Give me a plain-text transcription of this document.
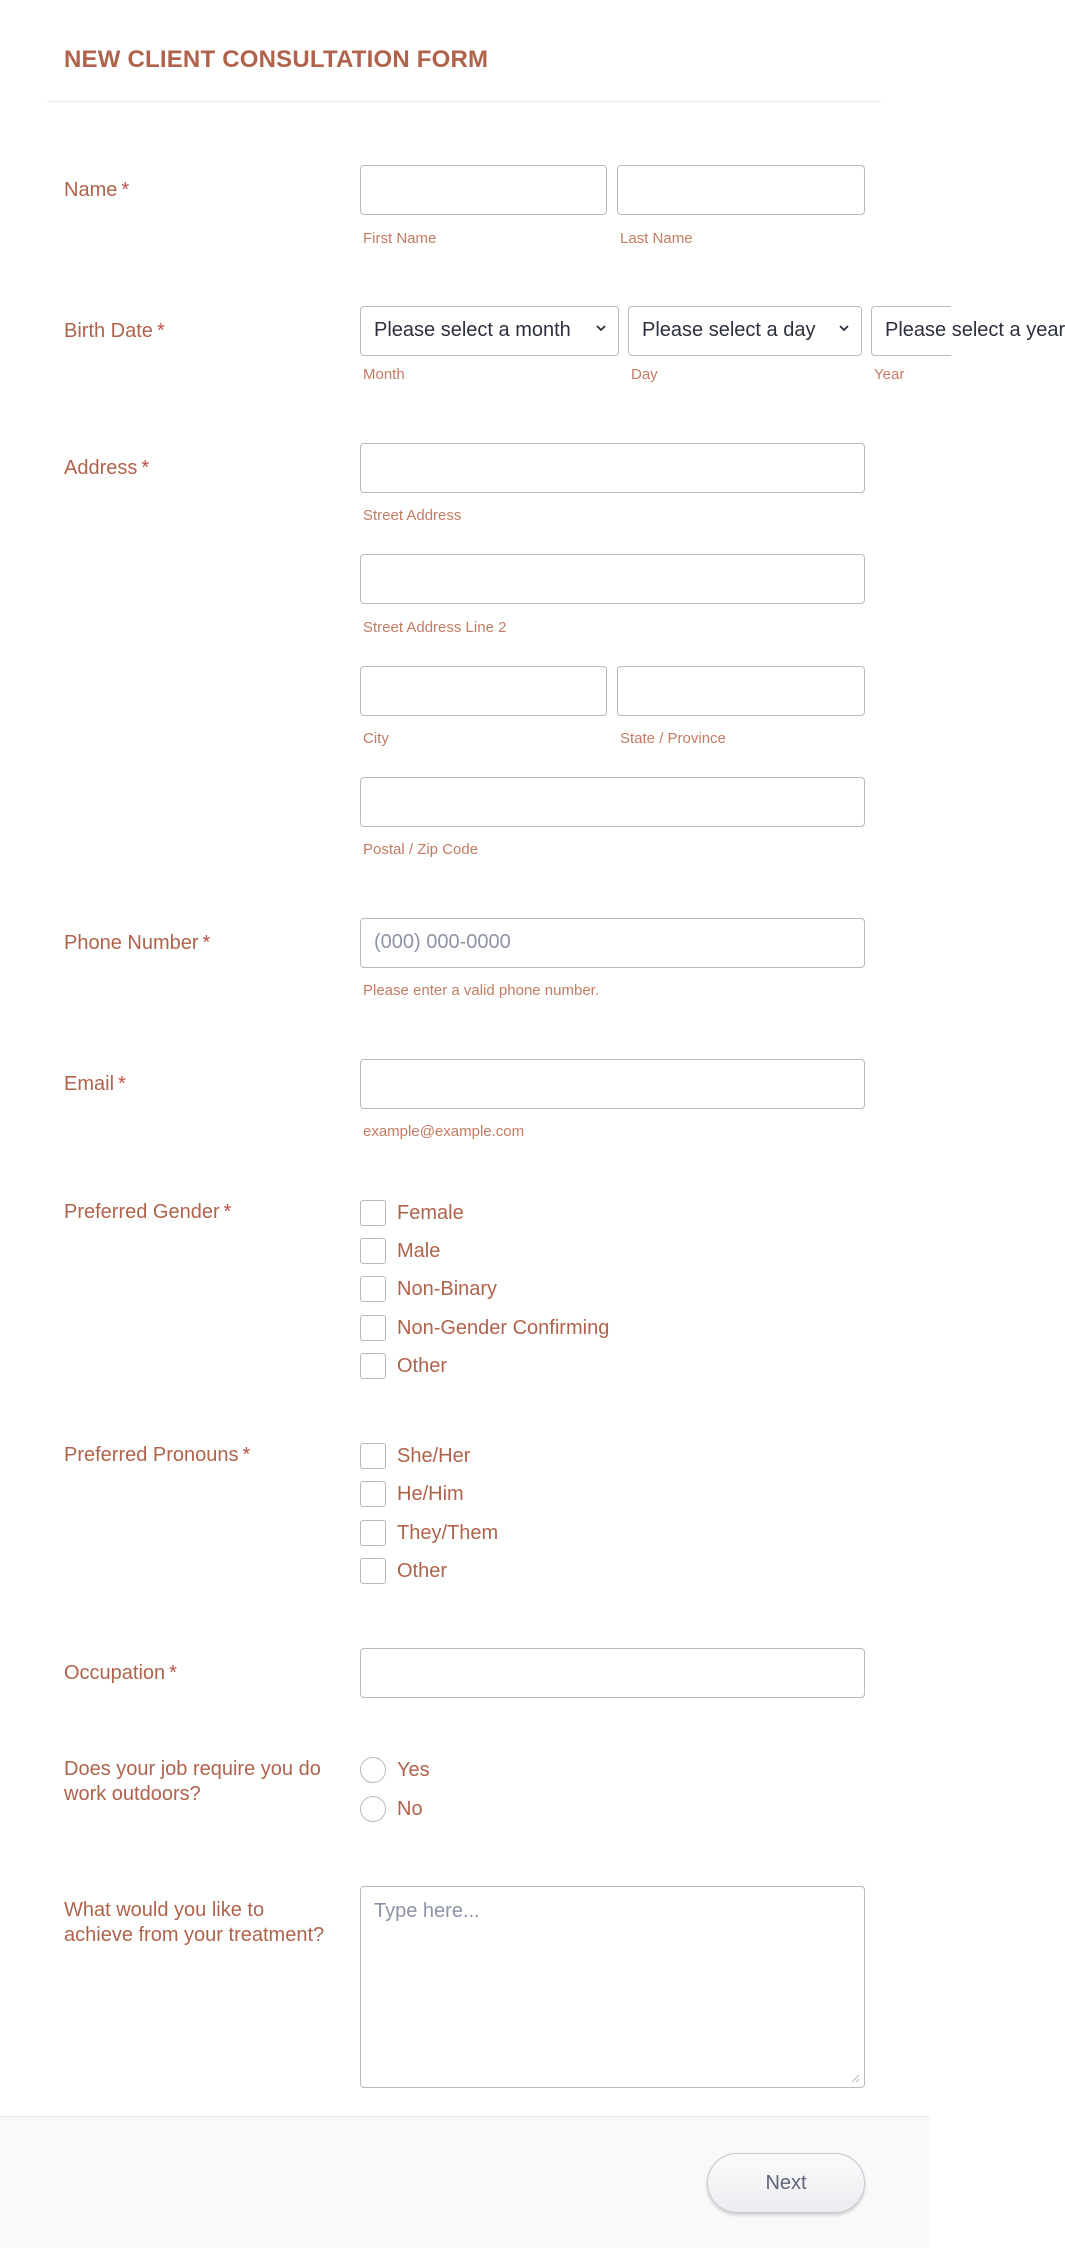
NEW CLIENT CONSULTATION FORM
Name *
First Name	Last Name
Birth Date *	Please select a month	Please select a day	Please select a year
Month	Day	Year
Address *
Street Address
Street Address Line 2
City	State / Province
Postal / Zip Code
Phone Number *	(000) 000-0000
Please enter a valid phone number.
Email *
example@example.com
Preferred Gender *	Female
Male
Non-Binary
Non-Gender Confirming
Other
Preferred Pronouns *	She/Her
He/Him
They/Them
Other
Occupation *
Does your job require you do
work outdoors?
Yes
No
What would you like to
achieve from your treatment?
Type here...
Next
